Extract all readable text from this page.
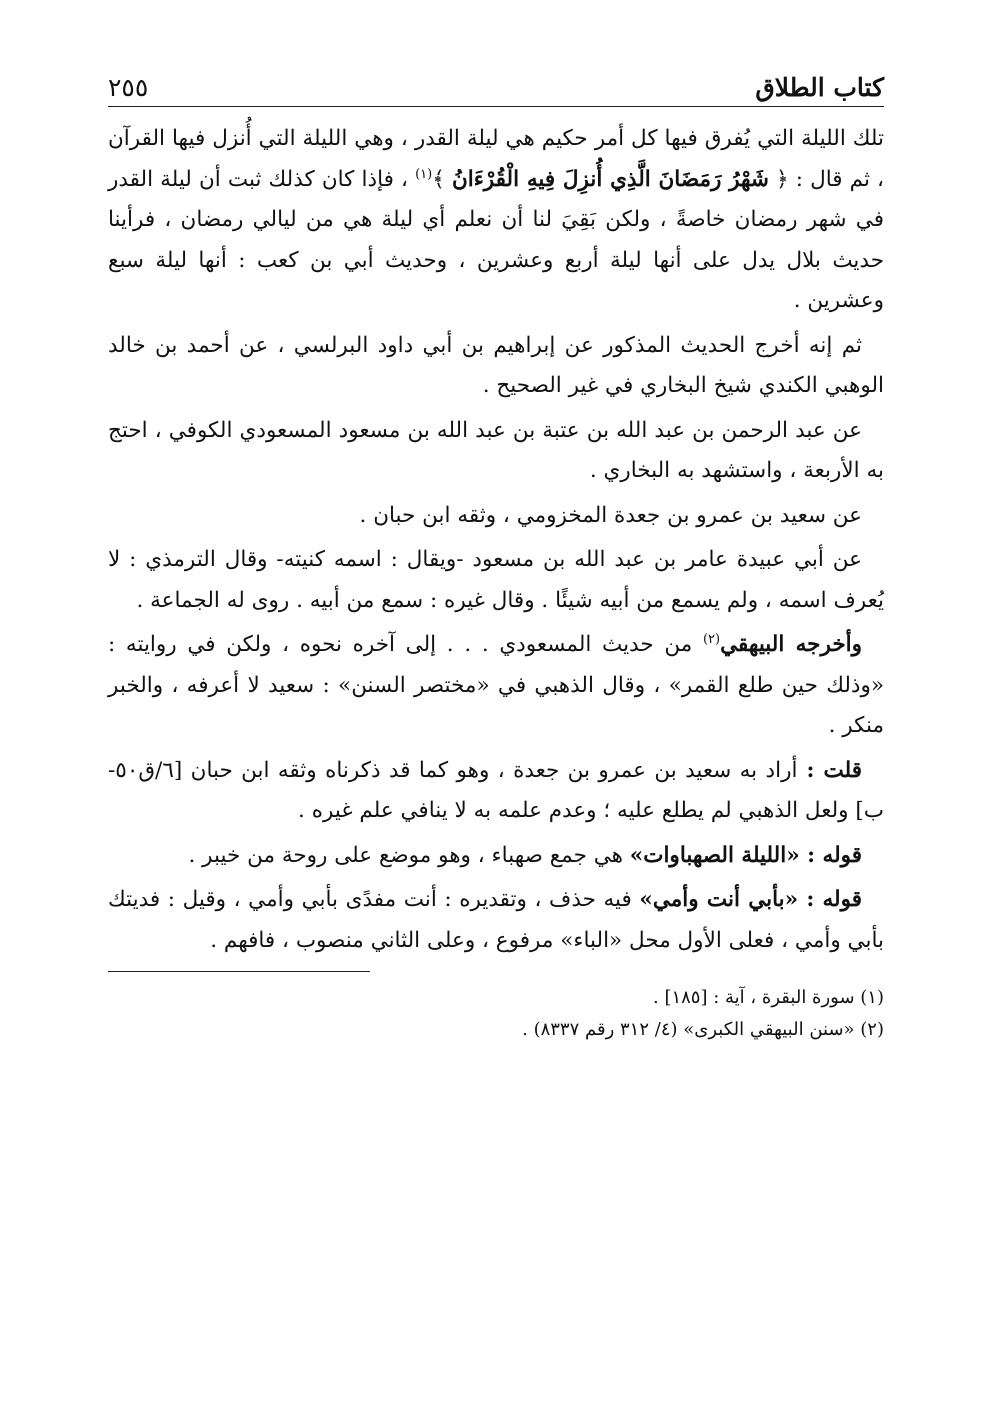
كتاب الطلاق
٢٥٥

تلك الليلة التي يُفرق فيها كل أمر حكيم هي ليلة القدر ، وهي الليلة التي أُنزل فيها القرآن ، ثم قال : ﴿ شَهْرُ رَمَضَانَ الَّذِي أُنزِلَ فِيهِ الْقُرْءَانُ ﴾$^{(١)}$ ، فإذا كان كذلك ثبت أن ليلة القدر في شهر رمضان خاصةً ، ولكن بَقِيَ لنا أن نعلم أي ليلة هي من ليالي رمضان ، فرأينا حديث بلال يدل على أنها ليلة أربع وعشرين ، وحديث أبي بن كعب : أنها ليلة سبع وعشرين .

ثم إنه أخرج الحديث المذكور عن إبراهيم بن أبي داود البرلسي ، عن أحمد بن خالد الوهبي الكندي شيخ البخاري في غير الصحيح .

عن عبد الرحمن بن عبد الله بن عتبة بن عبد الله بن مسعود المسعودي الكوفي ، احتج به الأربعة ، واستشهد به البخاري .

عن سعيد بن عمرو بن جعدة المخزومي ، وثقه ابن حبان .

عن أبي عبيدة عامر بن عبد الله بن مسعود -ويقال : اسمه كنيته- وقال الترمذي : لا يُعرف اسمه ، ولم يسمع من أبيه شيئًا . وقال غيره : سمع من أبيه . روى له الجماعة .

وأخرجه البيهقي$^{(٢)}$ من حديث المسعودي . . . إلى آخره نحوه ، ولكن في روايته : «وذلك حين طلع القمر» ، وقال الذهبي في «مختصر السنن» : سعيد لا أعرفه ، والخبر منكر .

قلت : أراد به سعيد بن عمرو بن جعدة ، وهو كما قد ذكرناه وثقه ابن حبان [٦/ق٥٠-ب] ولعل الذهبي لم يطلع عليه ؛ وعدم علمه به لا ينافي علم غيره .

قوله : «الليلة الصهباوات» هي جمع صهباء ، وهو موضع على روحة من خيبر .

قوله : «بأبي أنت وأمي» فيه حذف ، وتقديره : أنت مفدًى بأبي وأمي ، وقيل : فديتك بأبي وأمي ، فعلى الأول محل «الباء» مرفوع ، وعلى الثاني منصوب ، فافهم .

(١) سورة البقرة ، آية : [١٨٥] .
(٢) «سنن البيهقي الكبرى» (٤/ ٣١٢ رقم ٨٣٣٧) .
